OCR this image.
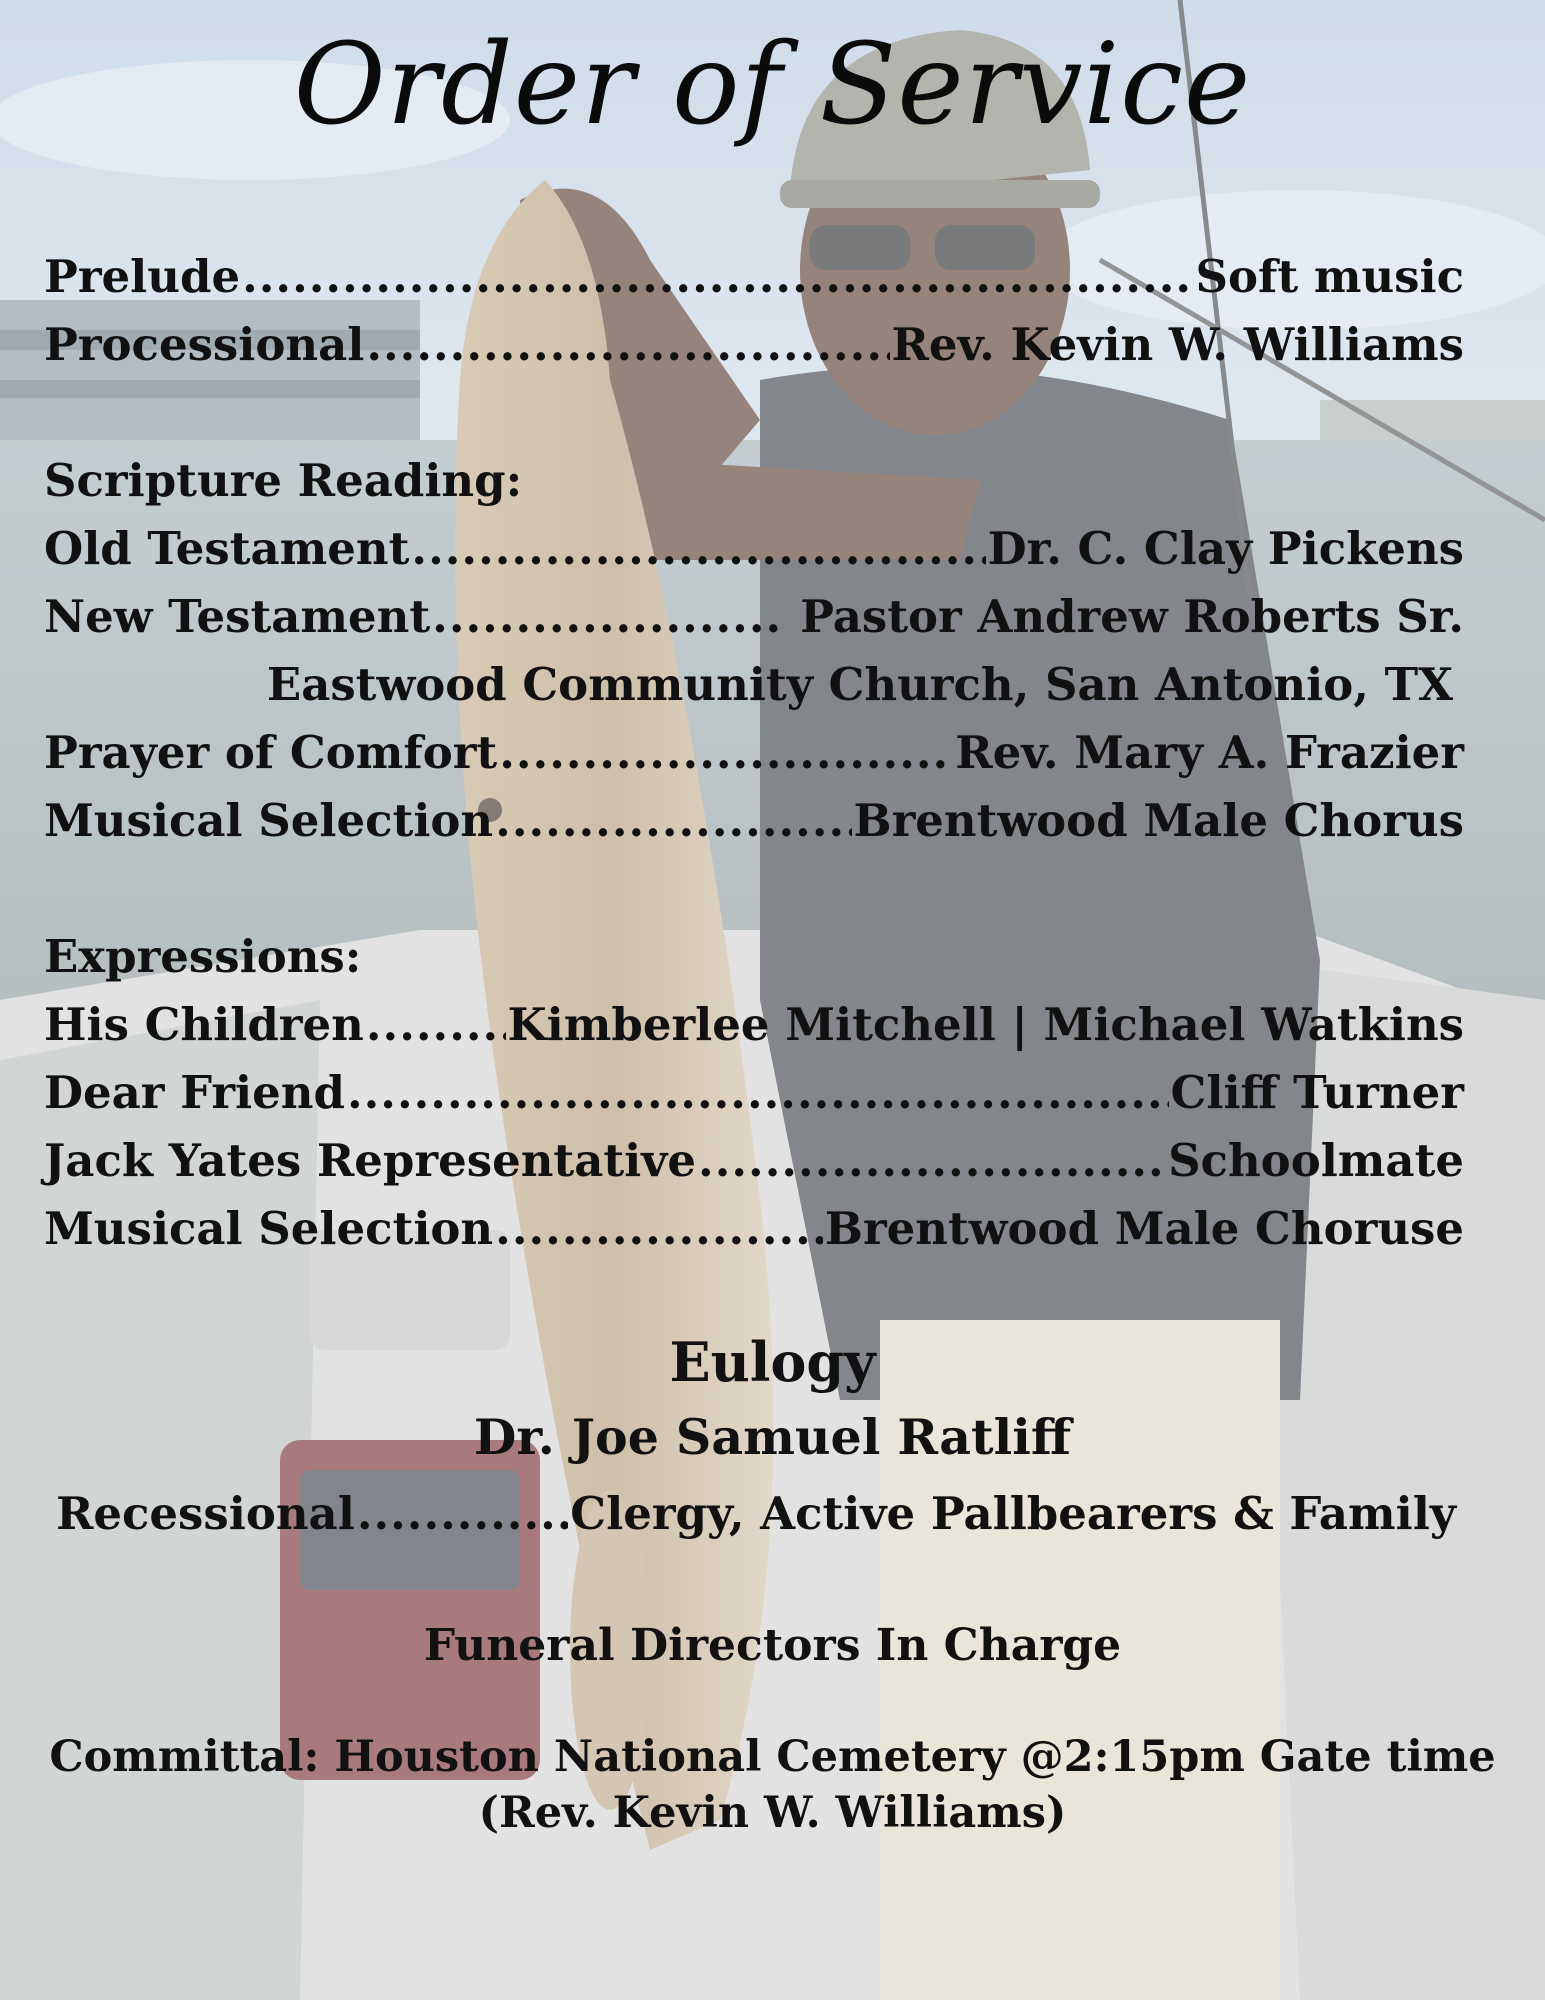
Order of Service
Prelude .....	Soft music
Processional .....	Rev. Kevin W. Williams
Scripture Reading:
Old Testament .....	Dr. C. Clay Pickens
New Testament .....	Pastor Andrew Roberts Sr.
Eastwood Community Church, San Antonio, TX
Prayer of Comfort .....	Rev. Mary A. Frazier
Musical Selection .....	Brentwood Male Chorus
Expressions:
His Children .....	Kimberlee Mitchell | Michael Watkins
Dear Friend .....	Cliff Turner
Jack Yates Representative .....	Schoolmate
Musical Selection .....	Brentwood Male Choruse
Eulogy
Dr. Joe Samuel Ratliff
Recessional .....	Clergy, Active Pallbearers & Family
Funeral Directors In Charge
Committal: Houston National Cemetery @2:15pm Gate time
(Rev. Kevin W. Williams)
